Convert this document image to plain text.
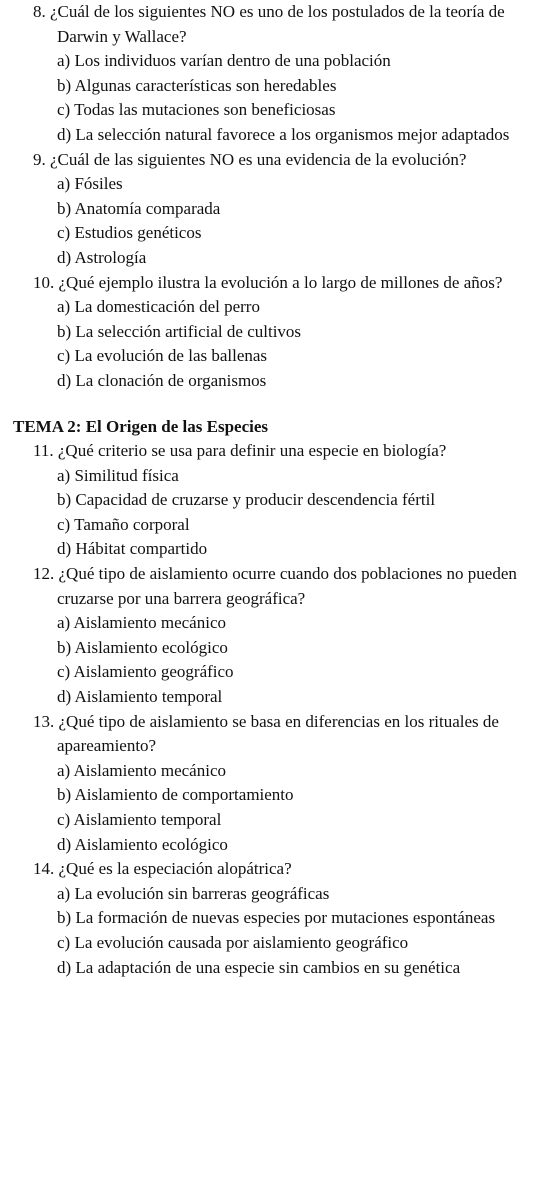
8. ¿Cuál de los siguientes NO es uno de los postulados de la teoría de Darwin y Wallace?

a) Los individuos varían dentro de una población

b) Algunas características son heredables

c) Todas las mutaciones son beneficiosas

d) La selección natural favorece a los organismos mejor adaptados

9. ¿Cuál de las siguientes NO es una evidencia de la evolución?

a) Fósiles

b) Anatomía comparada

c) Estudios genéticos

d) Astrología

10. ¿Qué ejemplo ilustra la evolución a lo largo de millones de años?

a) La domesticación del perro

b) La selección artificial de cultivos

c) La evolución de las ballenas

d) La clonación de organismos

TEMA 2: El Origen de las Especies

11. ¿Qué criterio se usa para definir una especie en biología?

a) Similitud física

b) Capacidad de cruzarse y producir descendencia fértil

c) Tamaño corporal

d) Hábitat compartido

12. ¿Qué tipo de aislamiento ocurre cuando dos poblaciones no pueden cruzarse por una barrera geográfica?

a) Aislamiento mecánico

b) Aislamiento ecológico

c) Aislamiento geográfico

d) Aislamiento temporal

13. ¿Qué tipo de aislamiento se basa en diferencias en los rituales de apareamiento?

a) Aislamiento mecánico

b) Aislamiento de comportamiento

c) Aislamiento temporal

d) Aislamiento ecológico

14. ¿Qué es la especiación alopátrica?

a) La evolución sin barreras geográficas

b) La formación de nuevas especies por mutaciones espontáneas

c) La evolución causada por aislamiento geográfico

d) La adaptación de una especie sin cambios en su genética
